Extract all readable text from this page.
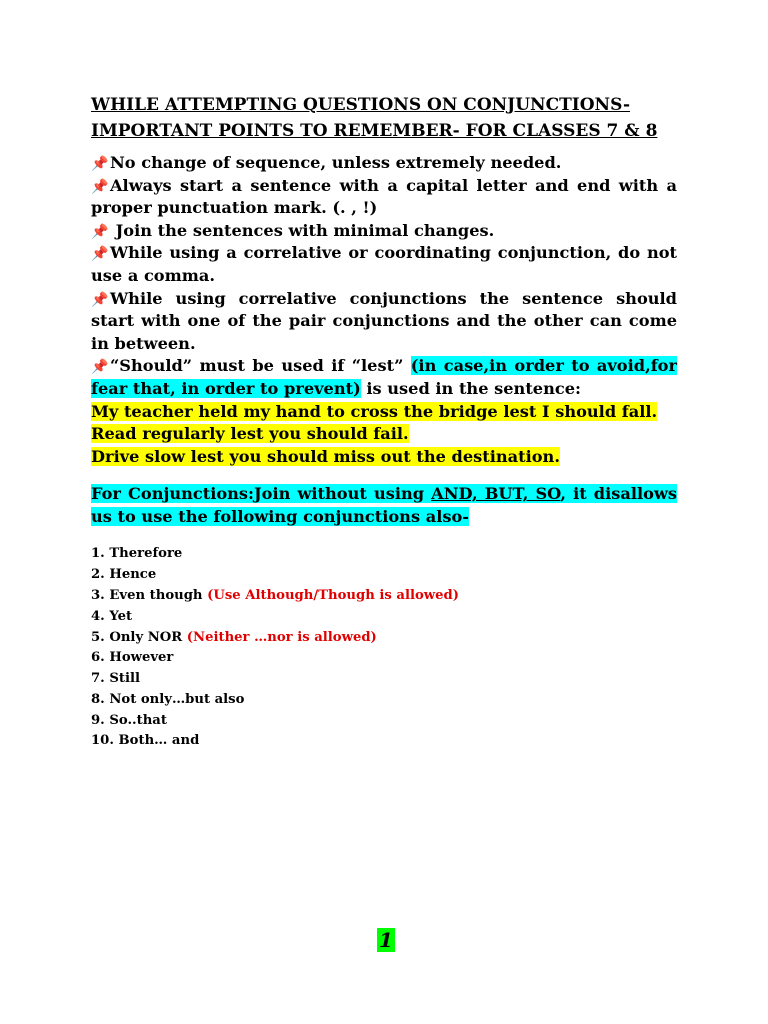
WHILE ATTEMPTING QUESTIONS ON CONJUNCTIONS-
IMPORTANT POINTS TO REMEMBER- FOR CLASSES 7 & 8

📌No change of sequence, unless extremely needed.

📌Always start a sentence with a capital letter and end with a proper punctuation mark. (. , !)

📌 Join the sentences with minimal changes.

📌While using a correlative or coordinating conjunction, do not use a comma.

📌While using correlative conjunctions the sentence should start with one of the pair conjunctions and the other can come in between.

📌“Should” must be used if “lest” (in case,in order to avoid,for fear that, in order to prevent) is used in the sentence:

My teacher held my hand to cross the bridge lest I should fall.

Read regularly lest you should fail.

Drive slow lest you should miss out the destination.

For Conjunctions:Join without using AND, BUT, SO, it disallows us to use the following conjunctions also-
1. Therefore
2. Hence
3. Even though (Use Although/Though is allowed)
4. Yet
5. Only NOR (Neither …nor is allowed)
6. However
7. Still
8. Not only…but also
9. So..that
10. Both… and
1
